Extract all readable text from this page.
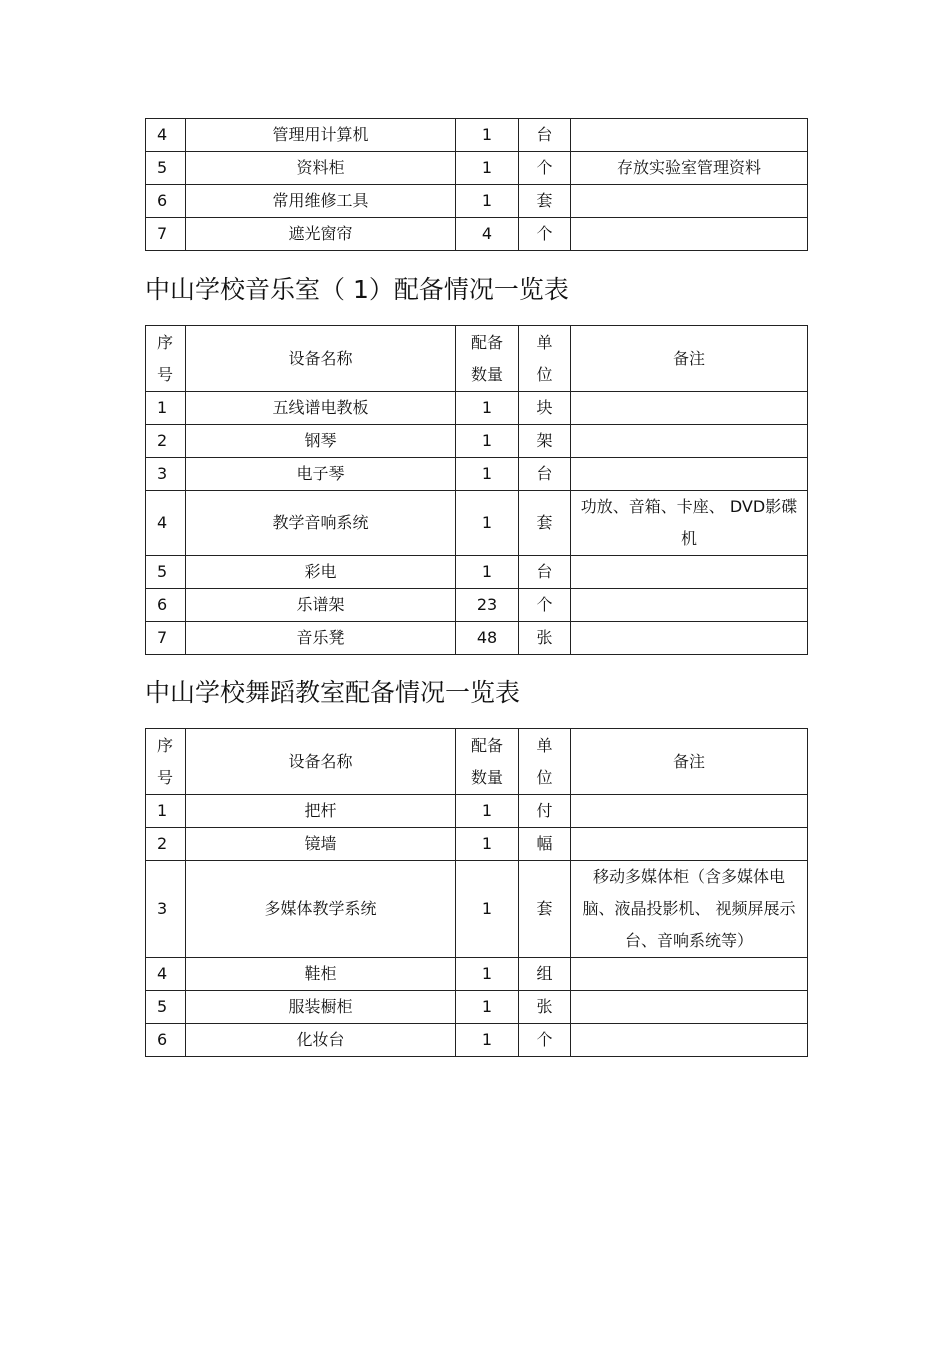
4	管理用计算机	1	台	
5	资料柜	1	个	存放实验室管理资料
6	常用维修工具	1	套	
7	遮光窗帘	4	个	
中山学校音乐室（ 1）配备情况一览表
序号	设备名称	配备数量	单位	备注
1	五线谱电教板	1	块	
2	钢琴	1	架	
3	电子琴	1	台	
4	教学音响系统	1	套	功放、音箱、卡座、 DVD影碟机
5	彩电	1	台	
6	乐谱架	23	个	
7	音乐凳	48	张	
中山学校舞蹈教室配备情况一览表
序号	设备名称	配备数量	单位	备注
1	把杆	1	付	
2	镜墙	1	幅	
3	多媒体教学系统	1	套	移动多媒体柜（含多媒体电脑、液晶投影机、 视频屏展示台、音响系统等）
4	鞋柜	1	组	
5	服装橱柜	1	张	
6	化妆台	1	个	
